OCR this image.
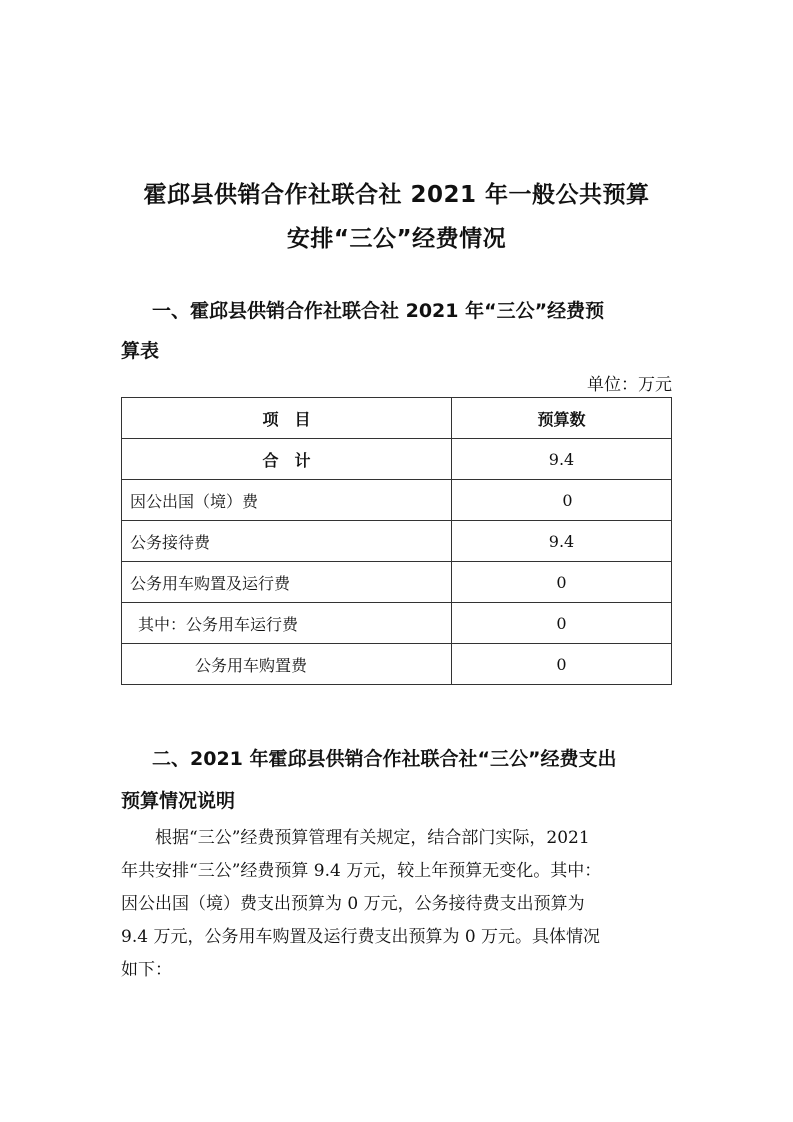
霍邱县供销合作社联合社 2021 年一般公共预算
安排“三公”经费情况
一、霍邱县供销合作社联合社 2021 年“三公”经费预
算表
单位：万元
项　目	预算数
合　计	9.4
因公出国（境）费	0
公务接待费	9.4
公务用车购置及运行费	0
其中：公务用车运行费	0
公务用车购置费	0
二、2021 年霍邱县供销合作社联合社“三公”经费支出
预算情况说明
根据“三公”经费预算管理有关规定，结合部门实际，2021
年共安排“三公”经费预算 9.4 万元，较上年预算无变化。其中：
因公出国（境）费支出预算为 0 万元，公务接待费支出预算为
9.4 万元，公务用车购置及运行费支出预算为 0 万元。具体情况
如下：
